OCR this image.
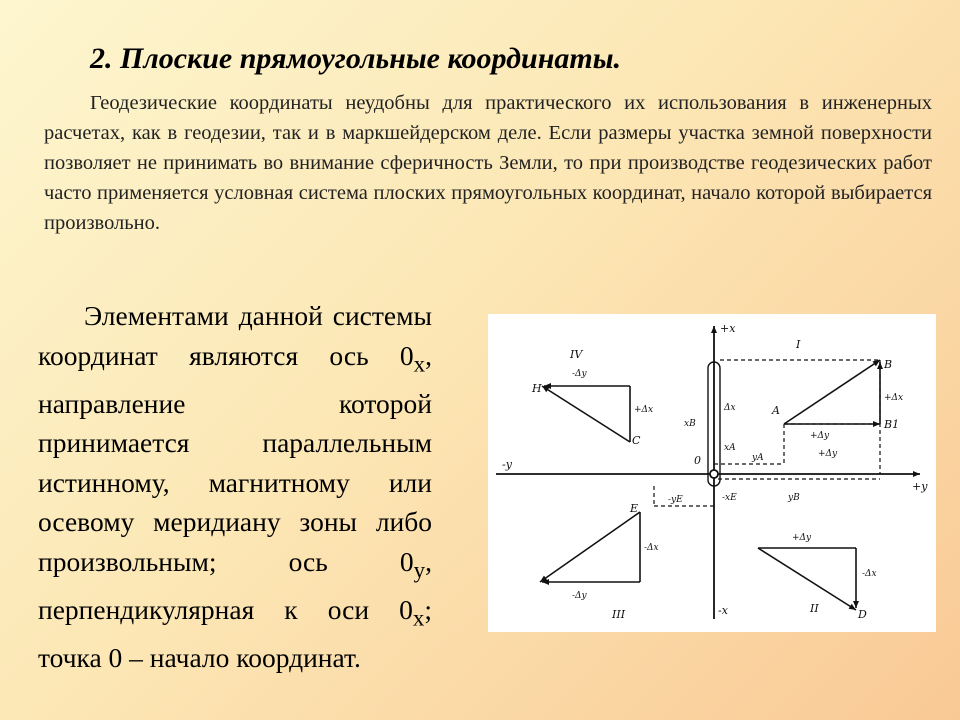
2. Плоские прямоугольные координаты.

Геодезические координаты неудобны для практического их использования в инженерных расчетах, как в геодезии, так и в маркшейдерском деле. Если размеры участка земной поверхности позволяет не принимать во внимание сферичность Земли, то при производстве геодезических работ часто применяется условная система плоских прямоугольных координат, начало которой выбирается произвольно.

Элементами данной системы координат являются ось $0_x$, направление которой принимается параллельным истинному, магнитному или осевому меридиану зоны либо произвольным; ось $0_y$, перпендикулярная к оси $0_x$; точка 0 – начало координат.

+x
-x
+y
-y	0
I
II
III
IV
A
B
B1
C
D
E
H
+Δx
+Δy
+Δy
xA
yA
xB
yB
-yE	-xE
-Δy
+Δx
-Δx
-Δy
+Δy
-Δx
Δx
